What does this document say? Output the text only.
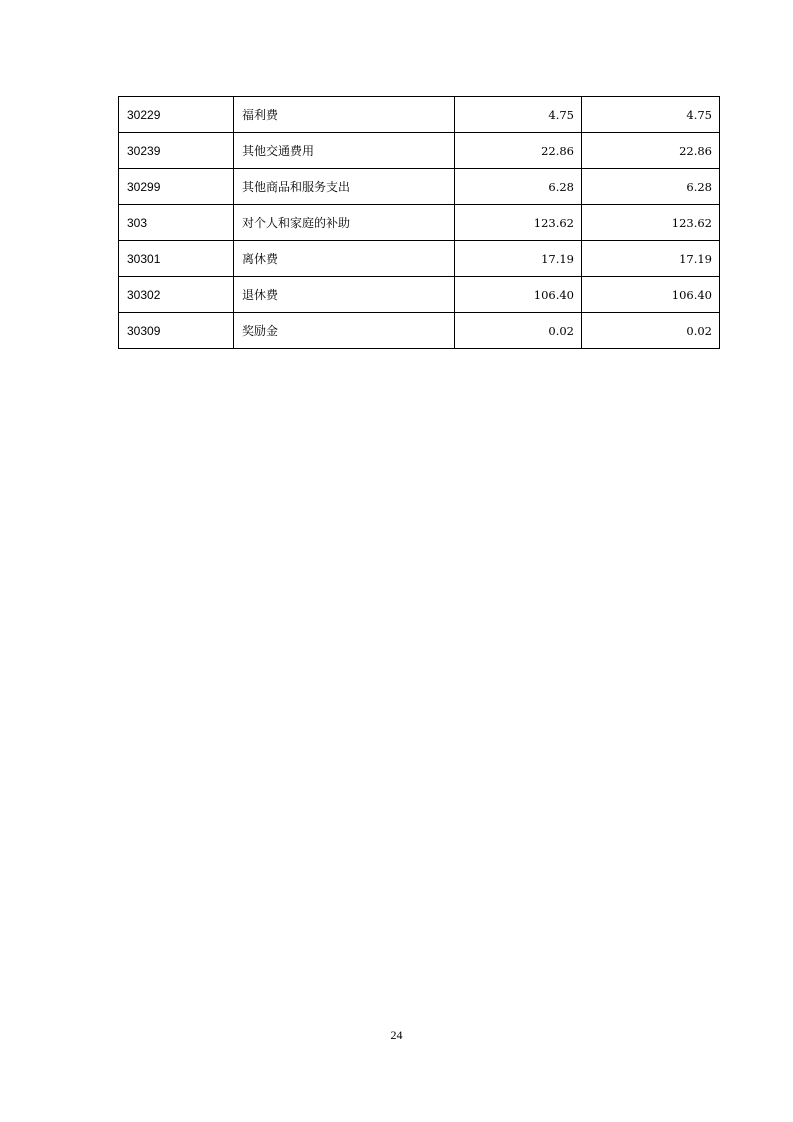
30229	福利费	4.75	4.75
30239	其他交通费用	22.86	22.86
30299	其他商品和服务支出	6.28	6.28
303	对个人和家庭的补助	123.62	123.62
30301	离休费	17.19	17.19
30302	退休费	106.40	106.40
30309	奖励金	0.02	0.02
24
